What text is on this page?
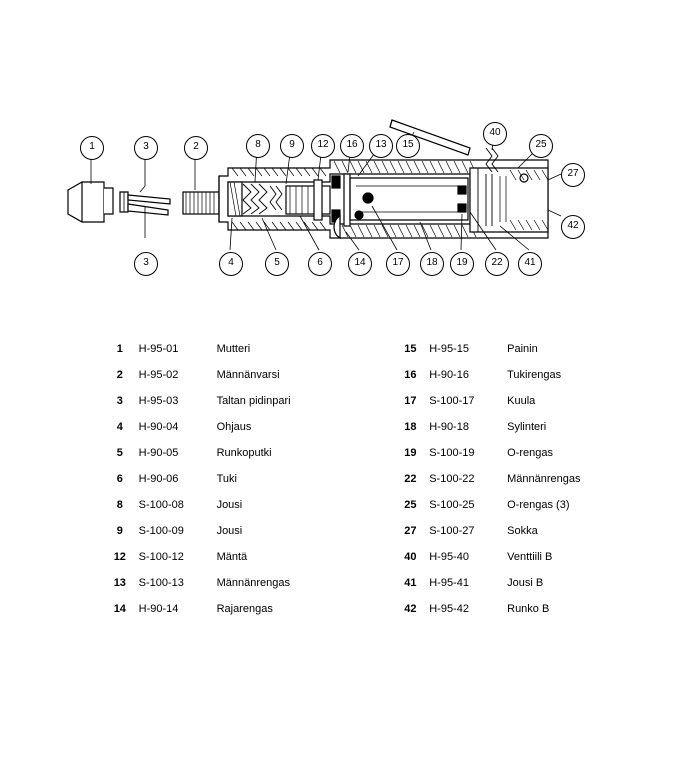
1	3	2	8	9	12	16	13	15
40
25
27
42
3	4	5	6	14	17	18	19	22	41
	1	H-95-01	Mutteri	15	H-95-15	Painin
	2	H-95-02	Männänvarsi	16	H-90-16	Tukirengas
	3	H-95-03	Taltan pidinpari	17	S-100-17	Kuula
	4	H-90-04	Ohjaus	18	H-90-18	Sylinteri
	5	H-90-05	Runkoputki	19	S-100-19	O-rengas
	6	H-90-06	Tuki	22	S-100-22	Männänrengas
	8	S-100-08	Jousi	25	S-100-25	O-rengas (3)
	9	S-100-09	Jousi	27	S-100-27	Sokka
	12	S-100-12	Mäntä	40	H-95-40	Venttiili B
	13	S-100-13	Männänrengas	41	H-95-41	Jousi B
	14	H-90-14	Rajarengas	42	H-95-42	Runko B
